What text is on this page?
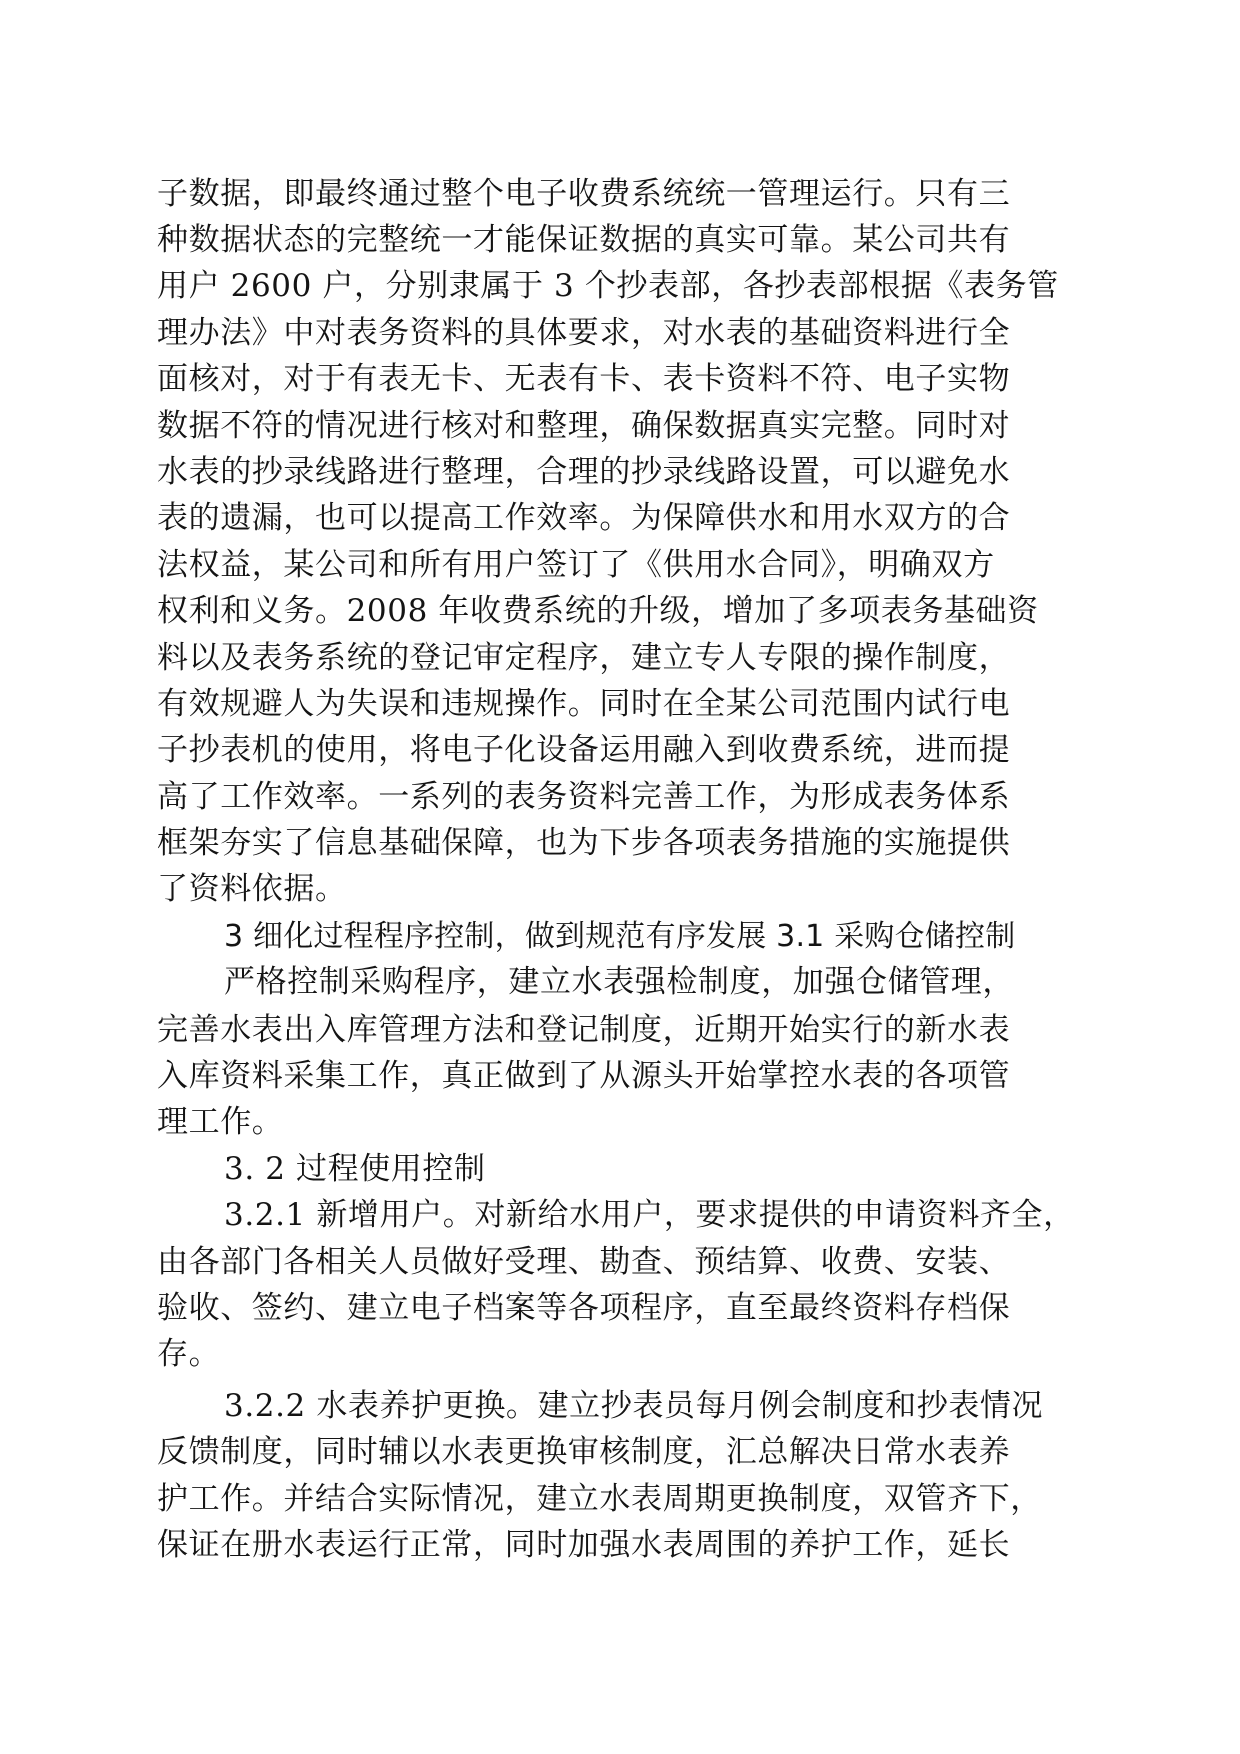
子数据，即最终通过整个电子收费系统统一管理运行。只有三
种数据状态的完整统一才能保证数据的真实可靠。某公司共有
用户 2600 户，分别隶属于 3 个抄表部，各抄表部根据《表务管
理办法》中对表务资料的具体要求，对水表的基础资料进行全
面核对，对于有表无卡、无表有卡、表卡资料不符、电子实物
数据不符的情况进行核对和整理，确保数据真实完整。同时对
水表的抄录线路进行整理，合理的抄录线路设置，可以避免水
表的遗漏，也可以提高工作效率。为保障供水和用水双方的合
法权益，某公司和所有用户签订了《供用水合同》，明确双方
权利和义务。2008 年收费系统的升级，增加了多项表务基础资
料以及表务系统的登记审定程序，建立专人专限的操作制度，
有效规避人为失误和违规操作。同时在全某公司范围内试行电
子抄表机的使用，将电子化设备运用融入到收费系统，进而提
高了工作效率。一系列的表务资料完善工作，为形成表务体系
框架夯实了信息基础保障，也为下步各项表务措施的实施提供
了资料依据。
3 细化过程程序控制，做到规范有序发展 3.1 采购仓储控制
严格控制采购程序，建立水表强检制度，加强仓储管理，
完善水表出入库管理方法和登记制度，近期开始实行的新水表
入库资料采集工作，真正做到了从源头开始掌控水表的各项管
理工作。
3. 2 过程使用控制
3.2.1 新增用户。对新给水用户，要求提供的申请资料齐全，
由各部门各相关人员做好受理、勘查、预结算、收费、安装、
验收、签约、建立电子档案等各项程序，直至最终资料存档保
存。
3.2.2 水表养护更换。建立抄表员每月例会制度和抄表情况
反馈制度，同时辅以水表更换审核制度，汇总解决日常水表养
护工作。并结合实际情况，建立水表周期更换制度，双管齐下，
保证在册水表运行正常，同时加强水表周围的养护工作，延长
